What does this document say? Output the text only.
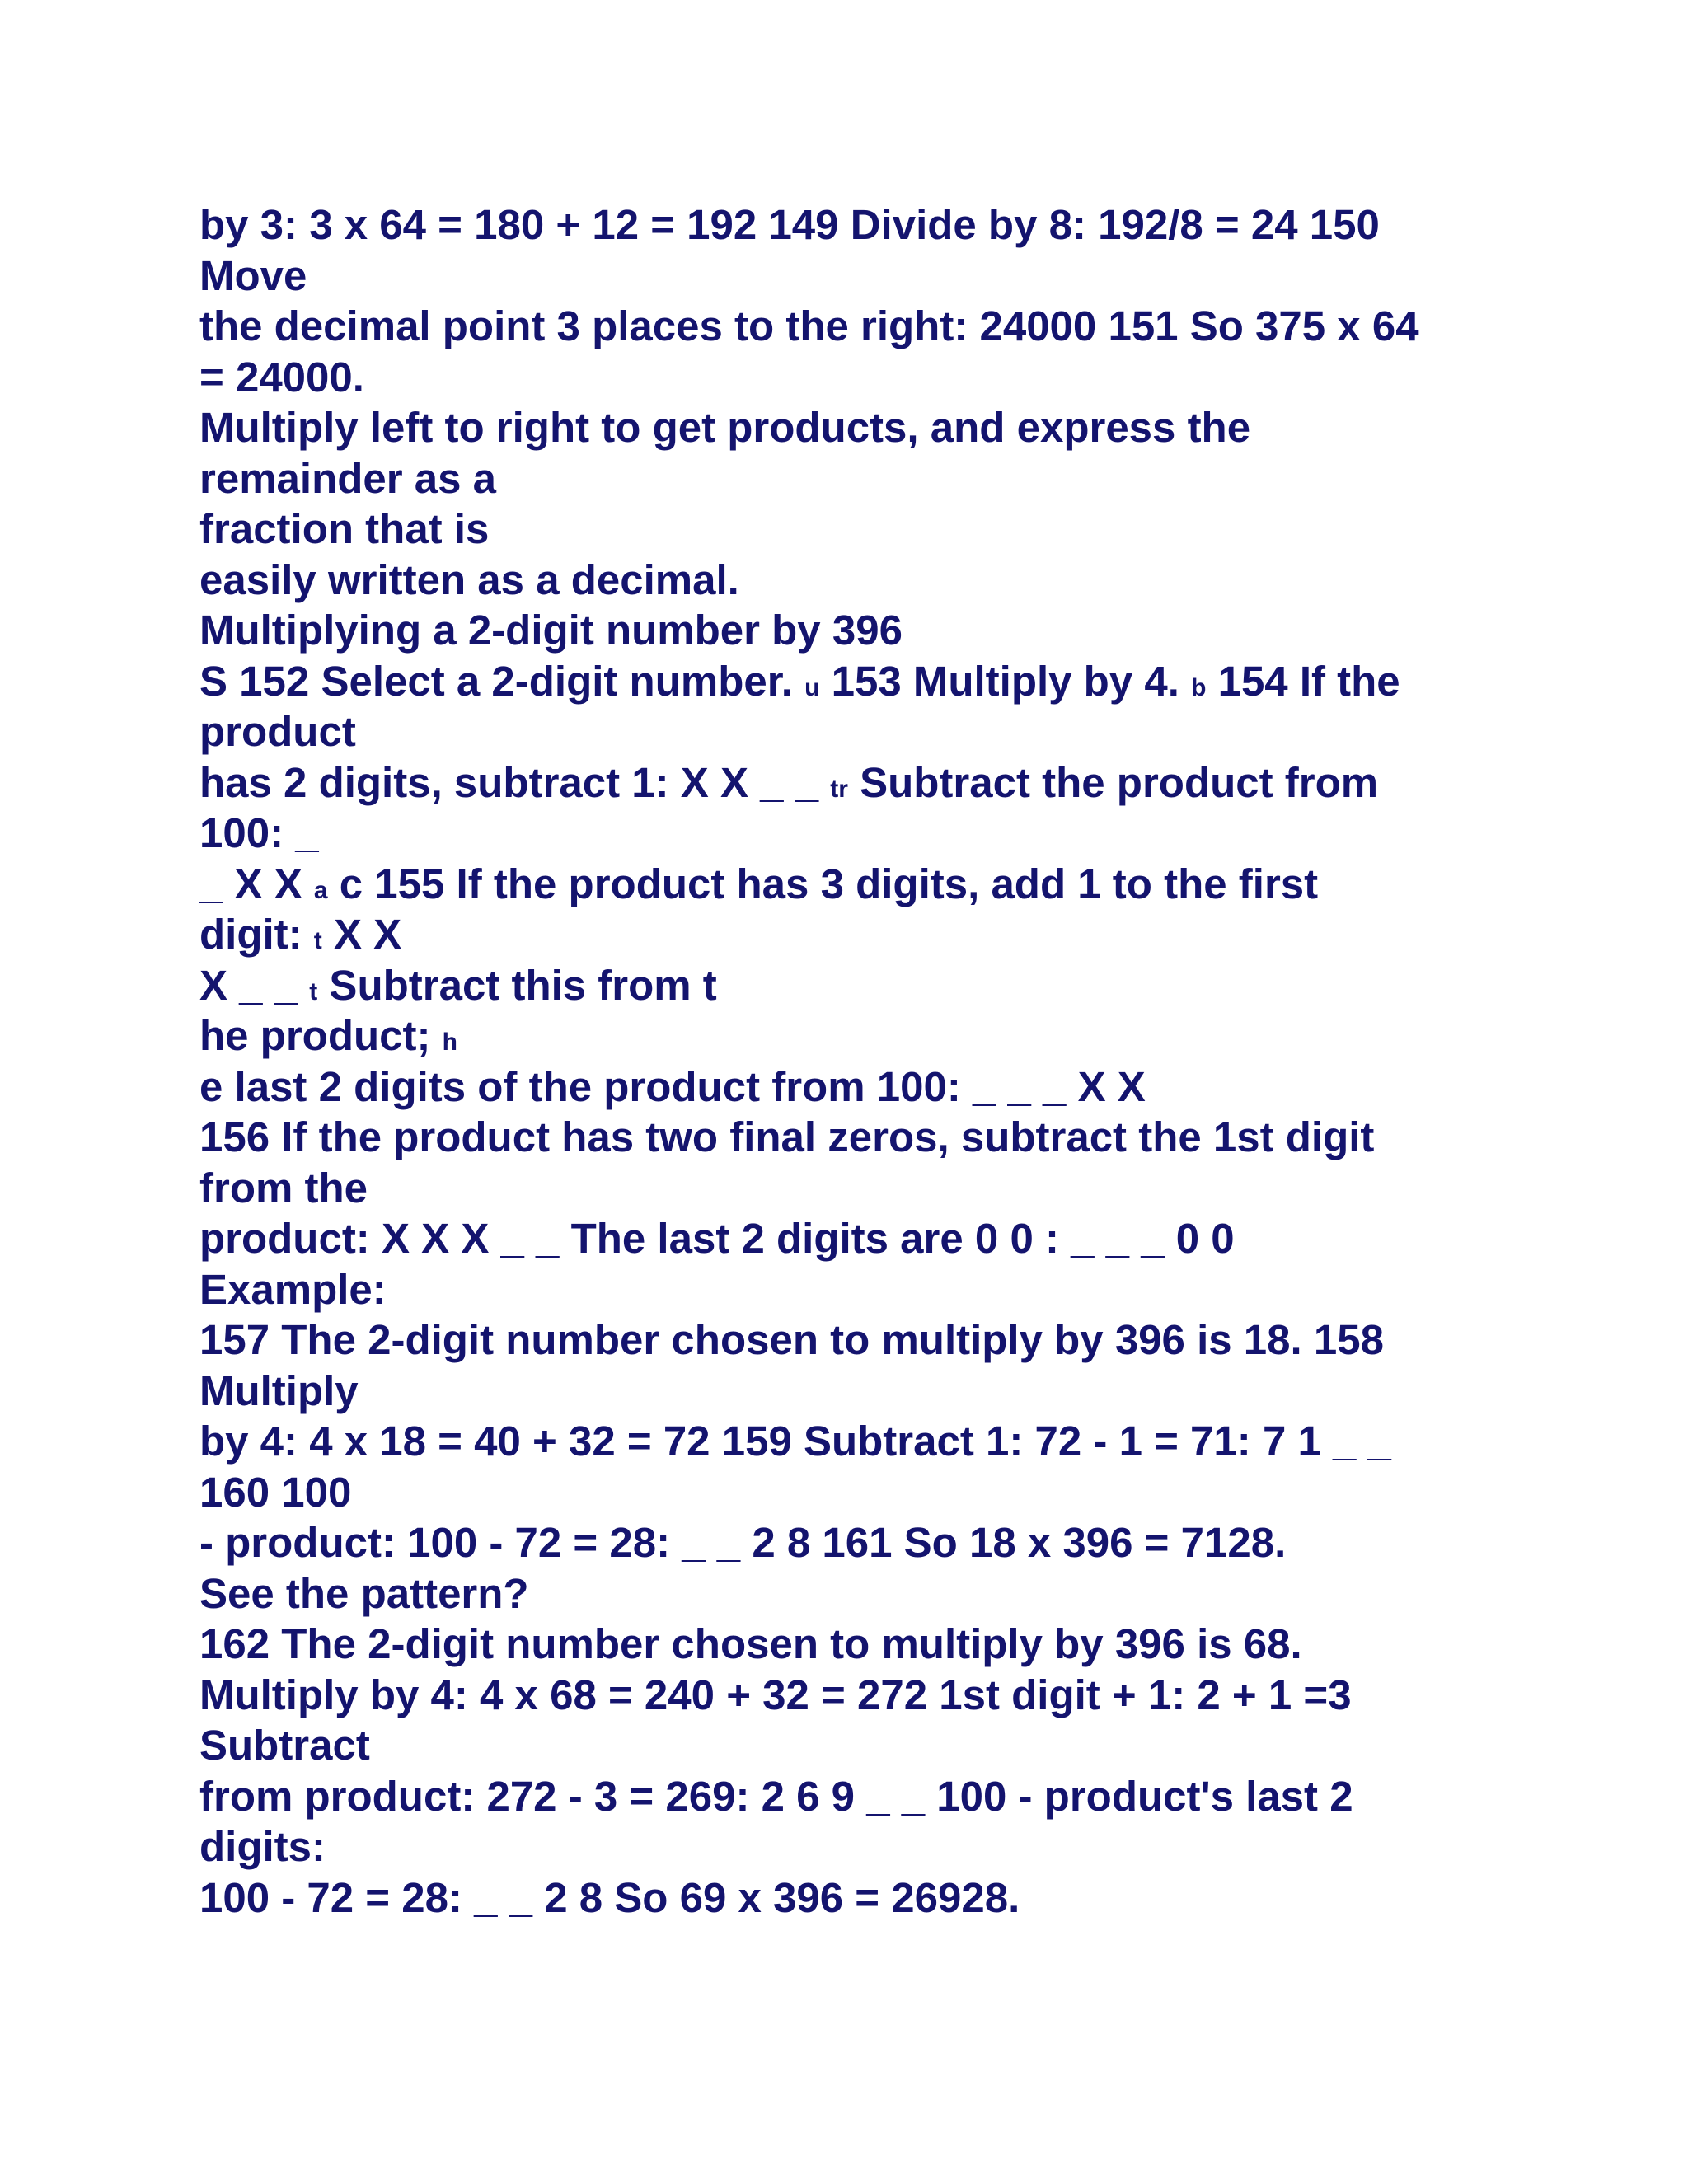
by 3: 3 x 64 = 180 + 12 = 192 149 Divide by 8: 192/8 = 24 150
Move
the decimal point 3 places to the right: 24000 151 So 375 x 64
= 24000.
Multiply left to right to get products, and express the
remainder as a
fraction that is
easily written as a decimal.
Multiplying a 2-digit number by 396
S 152 Select a 2-digit number. u 153 Multiply by 4. b 154 If the
product
has 2 digits, subtract 1: X X _ _ tr Subtract the product from
100: _
_ X X a c 155 If the product has 3 digits, add 1 to the first
digit: t X X
X _ _ t Subtract this from t
he product; h
e last 2 digits of the product from 100: _ _ _ X X
156 If the product has two final zeros, subtract the 1st digit
from the
product: X X X _ _ The last 2 digits are 0 0 : _ _ _ 0 0
Example:
157 The 2-digit number chosen to multiply by 396 is 18. 158
Multiply
by 4: 4 x 18 = 40 + 32 = 72 159 Subtract 1: 72 - 1 = 71: 7 1 _ _
160 100
- product: 100 - 72 = 28: _ _ 2 8 161 So 18 x 396 = 7128.
See the pattern?
162 The 2-digit number chosen to multiply by 396 is 68.
Multiply by 4: 4 x 68 = 240 + 32 = 272 1st digit + 1: 2 + 1 =3
Subtract
from product: 272 - 3 = 269: 2 6 9 _ _ 100 - product's last 2
digits:
100 - 72 = 28: _ _ 2 8 So 69 x 396 = 26928.
